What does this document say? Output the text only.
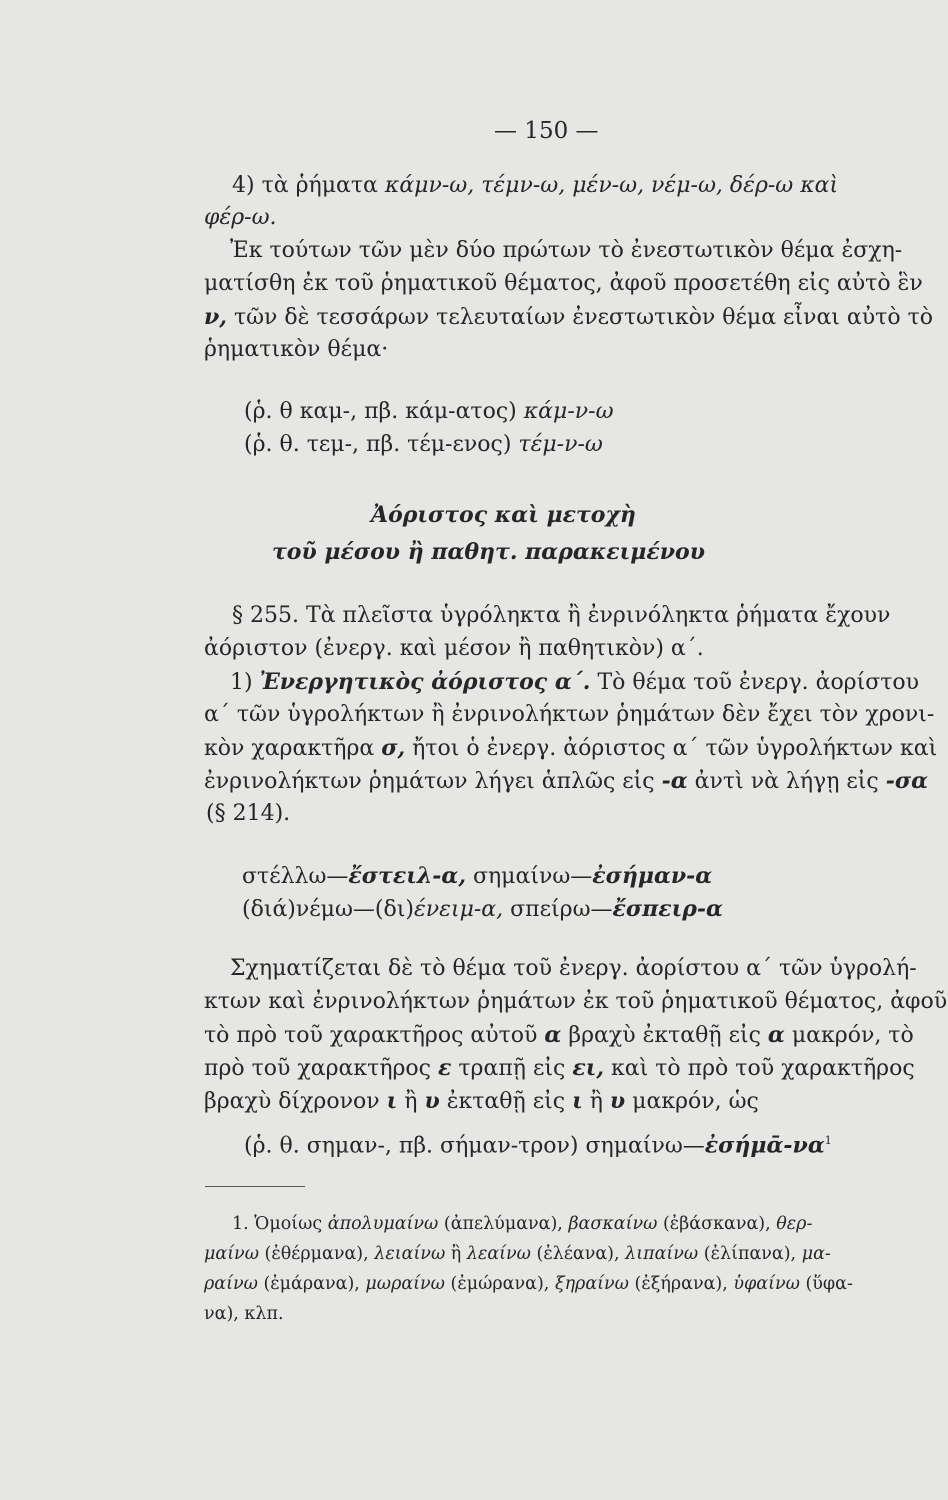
— 150 —
4) τὰ ῥήματα κάμν-ω, τέμν-ω, μέν-ω, νέμ-ω, δέρ-ω καὶ
φέρ-ω.
Ἐκ τούτων τῶν μὲν δύο πρώτων τὸ ἐνεστωτικὸν θέμα ἐσχη-
ματίσθη ἐκ τοῦ ῥηματικοῦ θέματος, ἀφοῦ προσετέθη εἰς αὐτὸ ἓν
ν, τῶν δὲ τεσσάρων τελευταίων ἐνεστωτικὸν θέμα εἶναι αὐτὸ τὸ
ῥηματικὸν θέμα·
(ῥ. θ καμ-, πβ. κάμ-ατος) κάμ-ν-ω
(ῥ. θ. τεμ-, πβ. τέμ-ενος) τέμ-ν-ω
Ἀόριστος καὶ μετοχὴ
τοῦ μέσου ἢ παθητ. παρακειμένου
§ 255. Τὰ πλεῖστα ὑγρόληκτα ἢ ἐνρινόληκτα ῥήματα ἔχουν
ἀόριστον (ἐνεργ. καὶ μέσον ἢ παθητικὸν) α΄.
1) Ἐνεργητικὸς ἀόριστος α΄. Τὸ θέμα τοῦ ἐνεργ. ἀορίστου
α΄ τῶν ὑγρολήκτων ἢ ἐνρινολήκτων ῥημάτων δὲν ἔχει τὸν χρονι-
κὸν χαρακτῆρα σ, ἤτοι ὁ ἐνεργ. ἀόριστος α΄ τῶν ὑγρολήκτων καὶ
ἐνρινολήκτων ῥημάτων λήγει ἁπλῶς εἰς -α ἀντὶ νὰ λήγῃ εἰς -σα
(§ 214).
στέλλω—ἔστειλ-α, σημαίνω—ἐσήμαν-α
(διά)νέμω—(δι)ένειμ-α, σπείρω—ἔσπειρ-α
Σχηματίζεται δὲ τὸ θέμα τοῦ ἐνεργ. ἀορίστου α΄ τῶν ὑγρολή-
κτων καὶ ἐνρινολήκτων ῥημάτων ἐκ τοῦ ῥηματικοῦ θέματος, ἀφοῦ
τὸ πρὸ τοῦ χαρακτῆρος αὐτοῦ α βραχὺ ἐκταθῇ εἰς α μακρόν, τὸ
πρὸ τοῦ χαρακτῆρος ε τραπῇ εἰς ει, καὶ τὸ πρὸ τοῦ χαρακτῆρος
βραχὺ δίχρονον ι ἢ υ ἐκταθῇ εἰς ι ἢ υ μακρόν, ὡς
(ῥ. θ. σημαν-, πβ. σήμαν-τρον) $\sigma\eta\mu\alpha ί\nu\omega—ἐ\sigma ή\mu ᾱ-\nu\alpha^1$
1. Ὁμοίως ἀπολυμαίνω (ἀπελύμανα), βασκαίνω (ἐβάσκανα), θερ-
μαίνω (ἐθέρμανα), λειαίνω ἢ λεαίνω (ἐλέανα), λιπαίνω (ἐλίπανα), μα-
ραίνω (ἐμάρανα), μωραίνω (ἐμώρανα), ξηραίνω (ἐξήρανα), ὑφαίνω (ὕφα-
να), κλπ.
